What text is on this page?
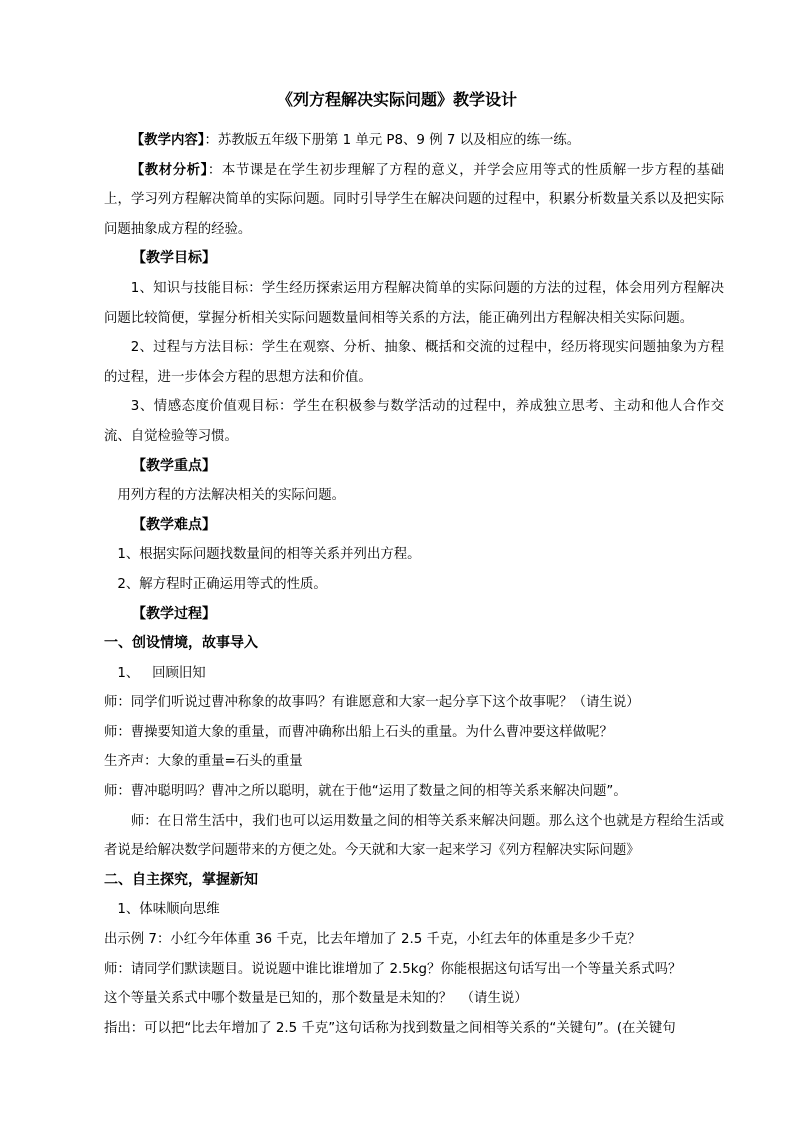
《列方程解决实际问题》教学设计

【教学内容】：苏教版五年级下册第 1 单元 P8、9 例 7 以及相应的练一练。

【教材分析】：本节课是在学生初步理解了方程的意义，并学会应用等式的性质解一步方程的基础上，学习列方程解决简单的实际问题。同时引导学生在解决问题的过程中，积累分析数量关系以及把实际问题抽象成方程的经验。

【教学目标】

1、知识与技能目标：学生经历探索运用方程解决简单的实际问题的方法的过程，体会用列方程解决问题比较简便，掌握分析相关实际问题数量间相等关系的方法，能正确列出方程解决相关实际问题。

2、过程与方法目标：学生在观察、分析、抽象、概括和交流的过程中，经历将现实问题抽象为方程的过程，进一步体会方程的思想方法和价值。

3、情感态度价值观目标：学生在积极参与数学活动的过程中，养成独立思考、主动和他人合作交流、自觉检验等习惯。

【教学重点】

用列方程的方法解决相关的实际问题。

【教学难点】

1、根据实际问题找数量间的相等关系并列出方程。

2、解方程时正确运用等式的性质。

【教学过程】

一、创设情境，故事导入

1、   回顾旧知

师：同学们听说过曹冲称象的故事吗？有谁愿意和大家一起分享下这个故事呢？（请生说）

师：曹操要知道大象的重量，而曹冲确称出船上石头的重量。为什么曹冲要这样做呢？

生齐声：大象的重量=石头的重量

师：曹冲聪明吗？曹冲之所以聪明，就在于他“运用了数量之间的相等关系来解决问题”。

师：在日常生活中，我们也可以运用数量之间的相等关系来解决问题。那么这个也就是方程给生活或者说是给解决数学问题带来的方便之处。今天就和大家一起来学习《列方程解决实际问题》

二、自主探究，掌握新知

1、体味顺向思维

出示例 7：小红今年体重 36 千克，比去年增加了 2.5 千克，小红去年的体重是多少千克？

师：请同学们默读题目。说说题中谁比谁增加了 2.5kg？你能根据这句话写出一个等量关系式吗？

这个等量关系式中哪个数量是已知的，那个数量是未知的？  （请生说）

指出：可以把“比去年增加了 2.5 千克”这句话称为找到数量之间相等关系的“关键句”。(在关键句
